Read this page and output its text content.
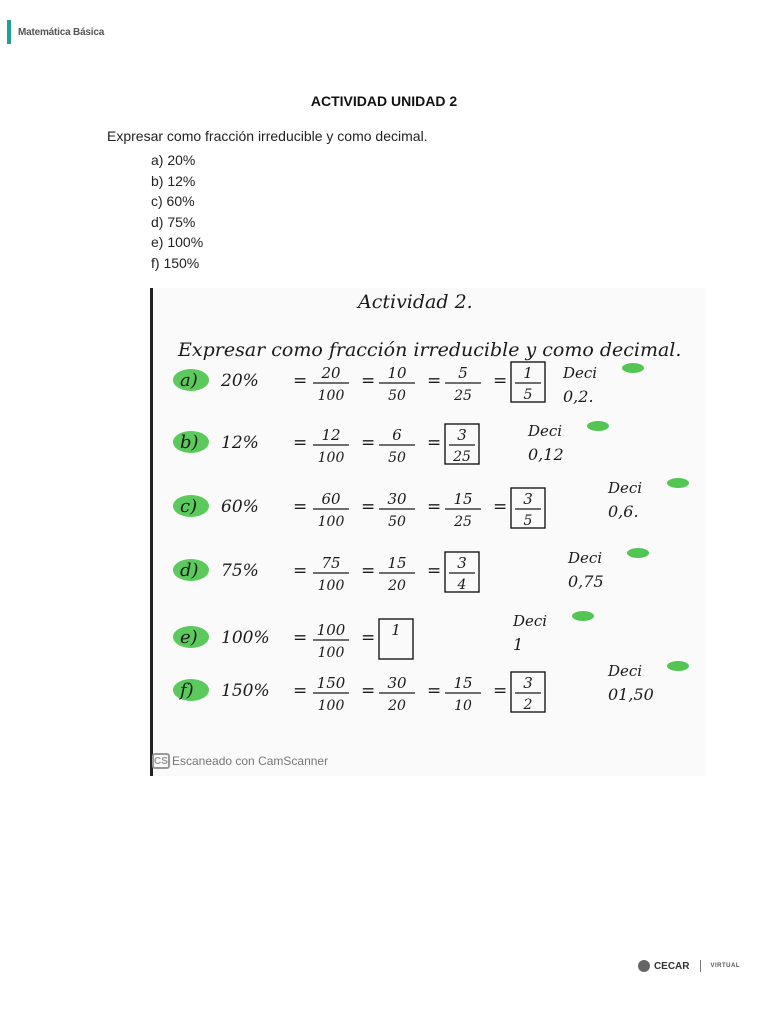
Matemática Básica
ACTIVIDAD UNIDAD 2
Expresar como fracción irreducible y como decimal.
a) 20%
b) 12%
c) 60%
d) 75%
e) 100%
f) 150%
Actividad 2.
Expresar como fracción irreducible y como decimal.
a) 20% = 20
100
= 10
50
= 5
25
= 1
5
Deci
0,2.
b) 12% = 12
100
= 6
50
= 3
25
Deci
0,12
c) 60% = 60
100
= 30
50
= 15
25
= 3
5
Deci
0,6.
d) 75% = 75
100
= 15
20
= 3
4
Deci
0,75
e) 100% = 100
100
= 1	Deci
1
f) 150% = 150
100
= 30
20
= 15
10
= 3
2
Deci
01,50
CS Escaneado con CamScanner
CECAR	VIRTUAL
